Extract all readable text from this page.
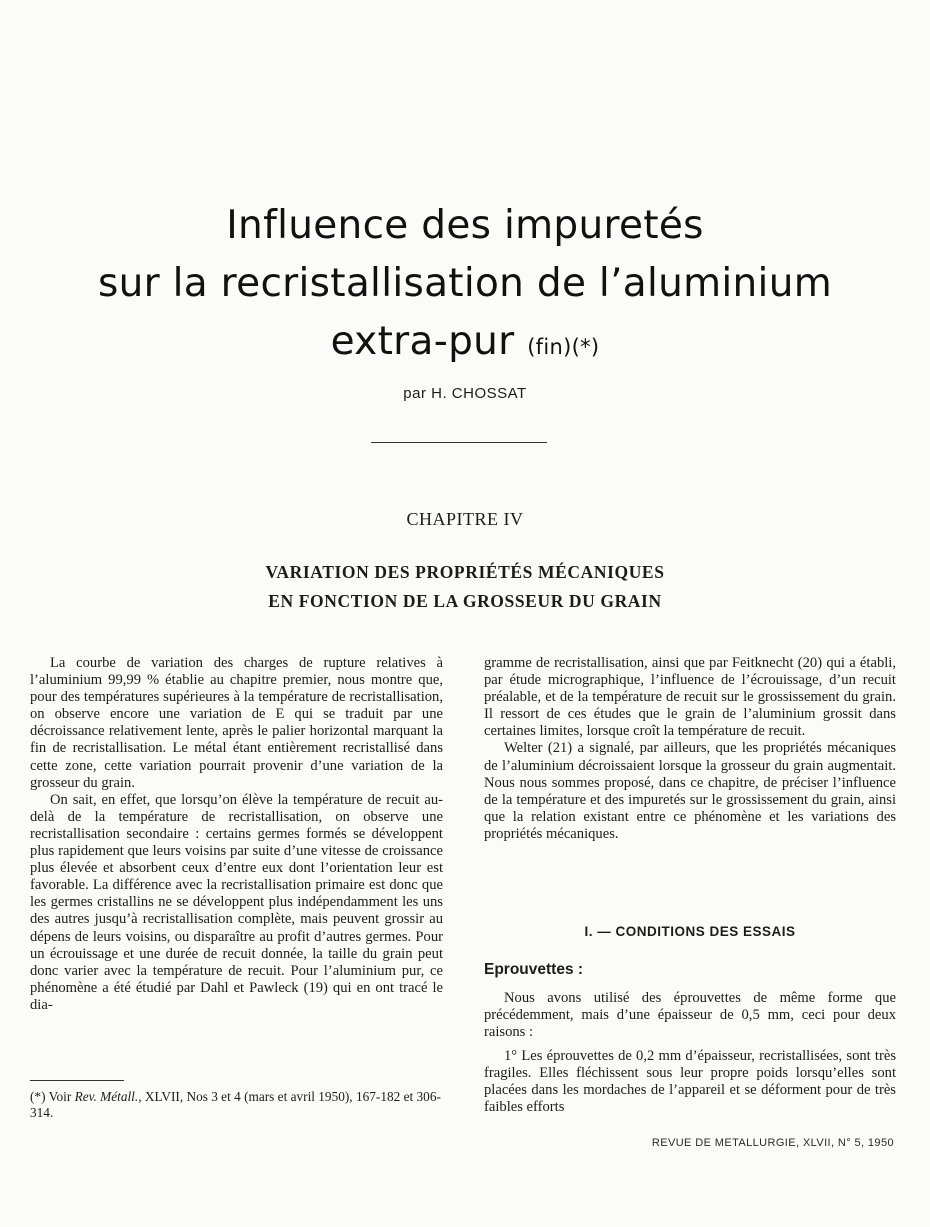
Influence des impuretés
sur la recristallisation de l’aluminium
extra-pur (fin)(*)
par H. CHOSSAT
CHAPITRE IV
VARIATION DES PROPRIÉTÉS MÉCANIQUES
EN FONCTION DE LA GROSSEUR DU GRAIN

La courbe de variation des charges de rupture relatives à l’aluminium 99,99 % établie au chapitre premier, nous montre que, pour des températures supérieures à la température de recristallisation, on observe encore une variation de E qui se traduit par une décroissance relativement lente, après le palier horizontal marquant la fin de recristallisation. Le métal étant entièrement recristallisé dans cette zone, cette variation pourrait provenir d’une variation de la grosseur du grain.

On sait, en effet, que lorsqu’on élève la température de recuit au-delà de la température de recristallisation, on observe une recristallisation secondaire : certains germes formés se développent plus rapidement que leurs voisins par suite d’une vitesse de croissance plus élevée et absorbent ceux d’entre eux dont l’orientation leur est favorable. La différence avec la recristallisation primaire est donc que les germes cristallins ne se développent plus indépendamment les uns des autres jusqu’à recristallisation complète, mais peuvent grossir au dépens de leurs voisins, ou disparaître au profit d’autres germes. Pour un écrouissage et une durée de recuit donnée, la taille du grain peut donc varier avec la température de recuit. Pour l’aluminium pur, ce phénomène a été étudié par Dahl et Pawleck (19) qui en ont tracé le dia-

gramme de recristallisation, ainsi que par Feitknecht (20) qui a établi, par étude micrographique, l’influence de l’écrouissage, d’un recuit préalable, et de la température de recuit sur le grossissement du grain. Il ressort de ces études que le grain de l’aluminium grossit dans certaines limites, lorsque croît la température de recuit.

Welter (21) a signalé, par ailleurs, que les propriétés mécaniques de l’aluminium décroissaient lorsque la grosseur du grain augmentait. Nous nous sommes proposé, dans ce chapitre, de préciser l’influence de la température et des impuretés sur le grossissement du grain, ainsi que la relation existant entre ce phénomène et les variations des propriétés mécaniques.

I. — CONDITIONS DES ESSAIS
Eprouvettes :

Nous avons utilisé des éprouvettes de même forme que précédemment, mais d’une épaisseur de 0,5 mm, ceci pour deux raisons :

1° Les éprouvettes de 0,2 mm d’épaisseur, recristallisées, sont très fragiles. Elles fléchissent sous leur propre poids lorsqu’elles sont placées dans les mordaches de l’appareil et se déforment pour de très faibles efforts

(*) Voir Rev. Métall., XLVII, Nos 3 et 4 (mars et avril 1950), 167-182 et 306-314.
REVUE DE METALLURGIE, XLVII, N° 5, 1950
